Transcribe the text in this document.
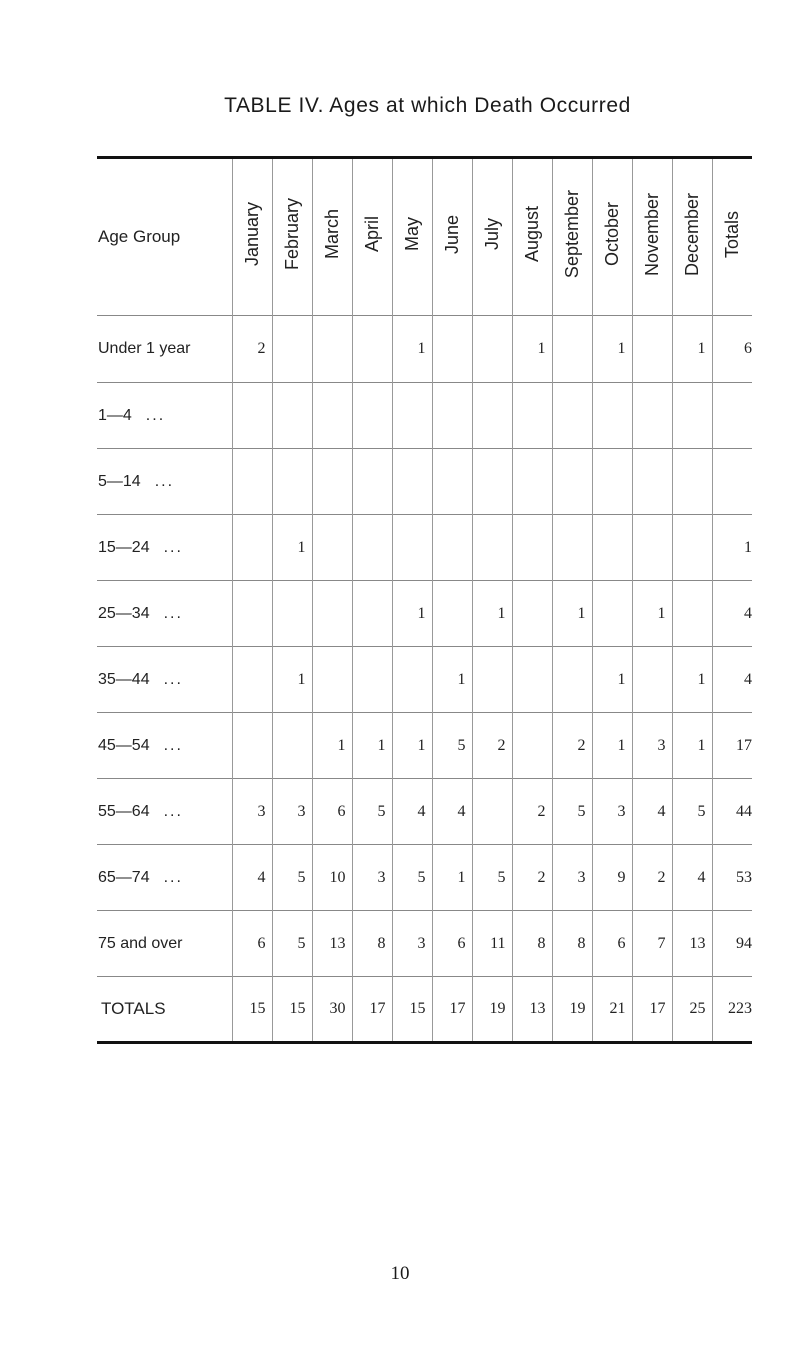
TABLE IV. Ages at which Death Occurred
Age Group	January	February	March	April	May	June	July	August	September	October	November	December	Totals
Under 1 year	2				1			1		1		1	6
1—4 ...													
5—14 ...													
15—24 ...		1											1
25—34 ...					1		1		1		1		4
35—44 ...		1				1				1		1	4
45—54 ...			1	1	1	5	2		2	1	3	1	17
55—64 ...	3	3	6	5	4	4		2	5	3	4	5	44
65—74 ...	4	5	10	3	5	1	5	2	3	9	2	4	53
75 and over	6	5	13	8	3	6	11	8	8	6	7	13	94
TOTALS	15	15	30	17	15	17	19	13	19	21	17	25	223
10
